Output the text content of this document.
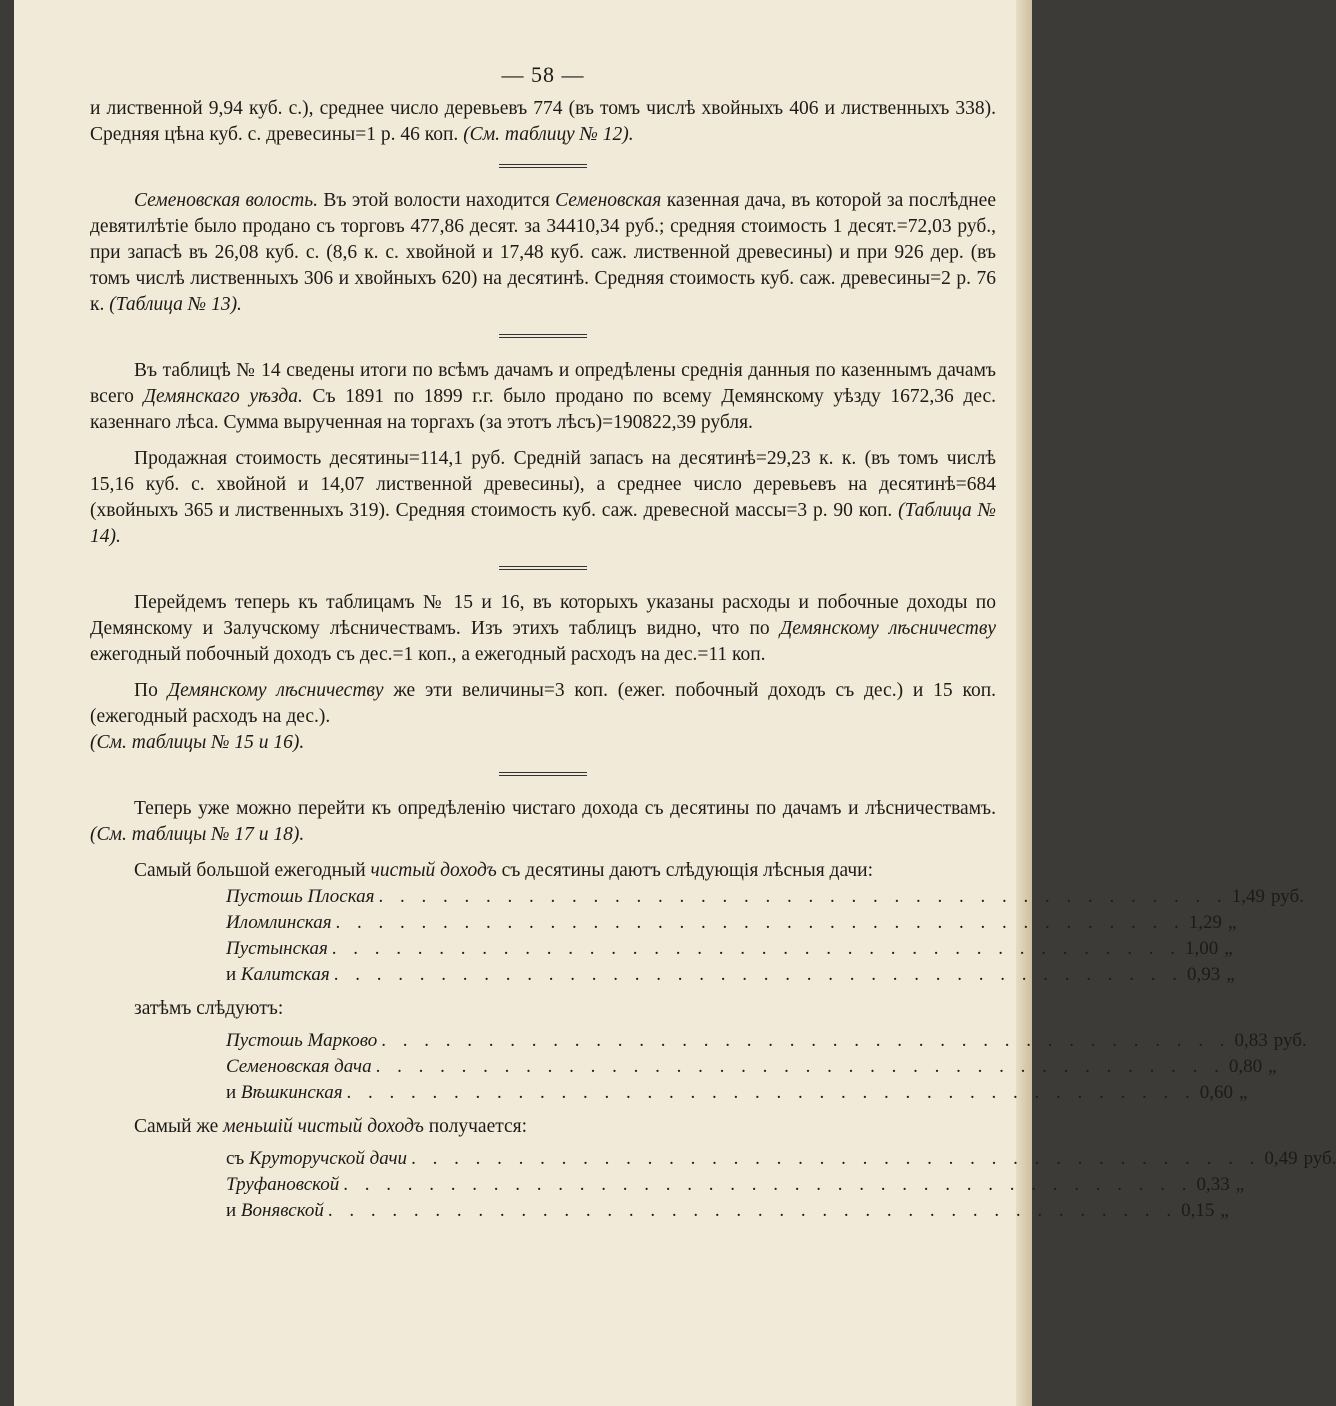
— 58 —

и лиственной 9,94 куб. с.), среднее число деревьевъ 774 (въ томъ числѣ хвойныхъ 406 и лиственныхъ 338). Средняя цѣна куб. с. древесины=1 р. 46 коп. (См. таблицу № 12).

Семеновская волость. Въ этой волости находится Семеновская казенная дача, въ которой за послѣднее девятилѣтіе было продано съ торговъ 477,86 десят. за 34410,34 руб.; средняя стоимость 1 десят.=72,03 руб., при запасѣ въ 26,08 куб. с. (8,6 к. с. хвойной и 17,48 куб. саж. лиственной древесины) и при 926 дер. (въ томъ числѣ лиственныхъ 306 и хвойныхъ 620) на десятинѣ. Средняя стоимость куб. саж. древесины=2 р. 76 к. (Таблица № 13).

Въ таблицѣ № 14 сведены итоги по всѣмъ дачамъ и опредѣлены среднія данныя по казеннымъ дачамъ всего Демянскаго уѣзда. Съ 1891 по 1899 г.г. было продано по всему Демянскому уѣзду 1672,36 дес. казеннаго лѣса. Сумма вырученная на торгахъ (за этотъ лѣсъ)=190822,39 рубля.

Продажная стоимость десятины=114,1 руб. Среднiй запасъ на десятинѣ=29,23 к. к. (въ томъ числѣ 15,16 куб. с. хвойной и 14,07 лиственной древесины), а среднее число деревьевъ на десятинѣ=684 (хвойныхъ 365 и лиственныхъ 319). Средняя стоимость куб. саж. древесной массы=3 р. 90 коп. (Таблица № 14).

Перейдемъ теперь къ таблицамъ № 15 и 16, въ которыхъ указаны расходы и побочные доходы по Демянскому и Залучскому лѣсничествамъ. Изъ этихъ таблицъ видно, что по Демянскому лѣсничеству ежегодный побочный доходъ съ дес.=1 коп., а ежегодный расходъ на дес.=11 коп.

По Демянскому лѣсничеству же эти величины=3 коп. (ежег. побочный доходъ съ дес.) и 15 коп. (ежегодный расходъ на дес.).

(См. таблицы № 15 и 16).

Теперь уже можно перейти къ опредѣленiю чистаго дохода съ десятины по дачамъ и лѣсничествамъ. (См. таблицы № 17 и 18).

Самый большой ежегодный чистый доходъ съ десятины даютъ слѣдующiя лѣсныя дачи:

Пустошь Плоская . . . . . . . . . . . . . . . . . . . . . . . . . . . . . . . . . . . . . . . . 1,49 руб.
Иломлинская . . . . . . . . . . . . . . . . . . . . . . . . . . . . . . . . . . . . . . . . 1,29 „
Пустынская . . . . . . . . . . . . . . . . . . . . . . . . . . . . . . . . . . . . . . . . 1,00 „
и Калитская . . . . . . . . . . . . . . . . . . . . . . . . . . . . . . . . . . . . . . . . 0,93 „
затѣмъ слѣдуютъ:
Пустошь Марково . . . . . . . . . . . . . . . . . . . . . . . . . . . . . . . . . . . . . . . . 0,83 руб.
Семеновская дача . . . . . . . . . . . . . . . . . . . . . . . . . . . . . . . . . . . . . . . . 0,80 „
и Вѣшкинская . . . . . . . . . . . . . . . . . . . . . . . . . . . . . . . . . . . . . . . . 0,60 „
Самый же меньшiй чистый доходъ получается:
съ Круторучской дачи . . . . . . . . . . . . . . . . . . . . . . . . . . . . . . . . . . . . . . . . 0,49 руб.
Труфановской . . . . . . . . . . . . . . . . . . . . . . . . . . . . . . . . . . . . . . . . 0,33 „
и Вонявской . . . . . . . . . . . . . . . . . . . . . . . . . . . . . . . . . . . . . . . . 0,15 „
